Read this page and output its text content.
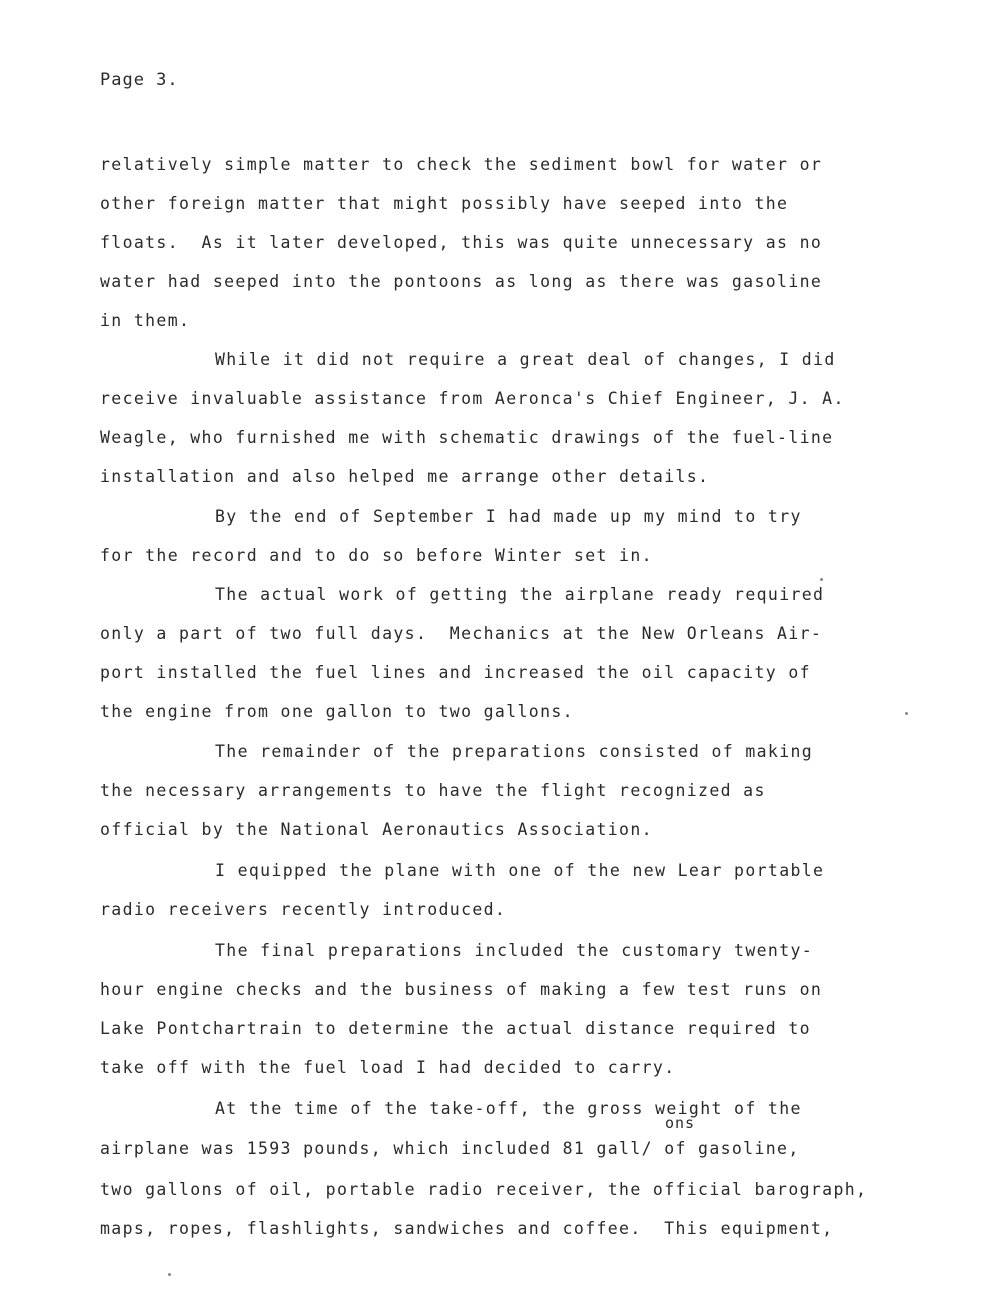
Page 3.
relatively simple matter to check the sediment bowl for water or
other foreign matter that might possibly have seeped into the
floats.  As it later developed, this was quite unnecessary as no
water had seeped into the pontoons as long as there was gasoline
in them.
While it did not require a great deal of changes, I did
receive invaluable assistance from Aeronca's Chief Engineer, J. A.
Weagle, who furnished me with schematic drawings of the fuel-line
installation and also helped me arrange other details.
By the end of September I had made up my mind to try
for the record and to do so before Winter set in.
The actual work of getting the airplane ready required
only a part of two full days.  Mechanics at the New Orleans Air-
port installed the fuel lines and increased the oil capacity of
the engine from one gallon to two gallons.
The remainder of the preparations consisted of making
the necessary arrangements to have the flight recognized as
official by the National Aeronautics Association.
I equipped the plane with one of the new Lear portable
radio receivers recently introduced.
The final preparations included the customary twenty-
hour engine checks and the business of making a few test runs on
Lake Pontchartrain to determine the actual distance required to
take off with the fuel load I had decided to carry.
At the time of the take-off, the gross weight of the
ons
airplane was 1593 pounds, which included 81 gall/ of gasoline,
two gallons of oil, portable radio receiver, the official barograph,
maps, ropes, flashlights, sandwiches and coffee.  This equipment,
